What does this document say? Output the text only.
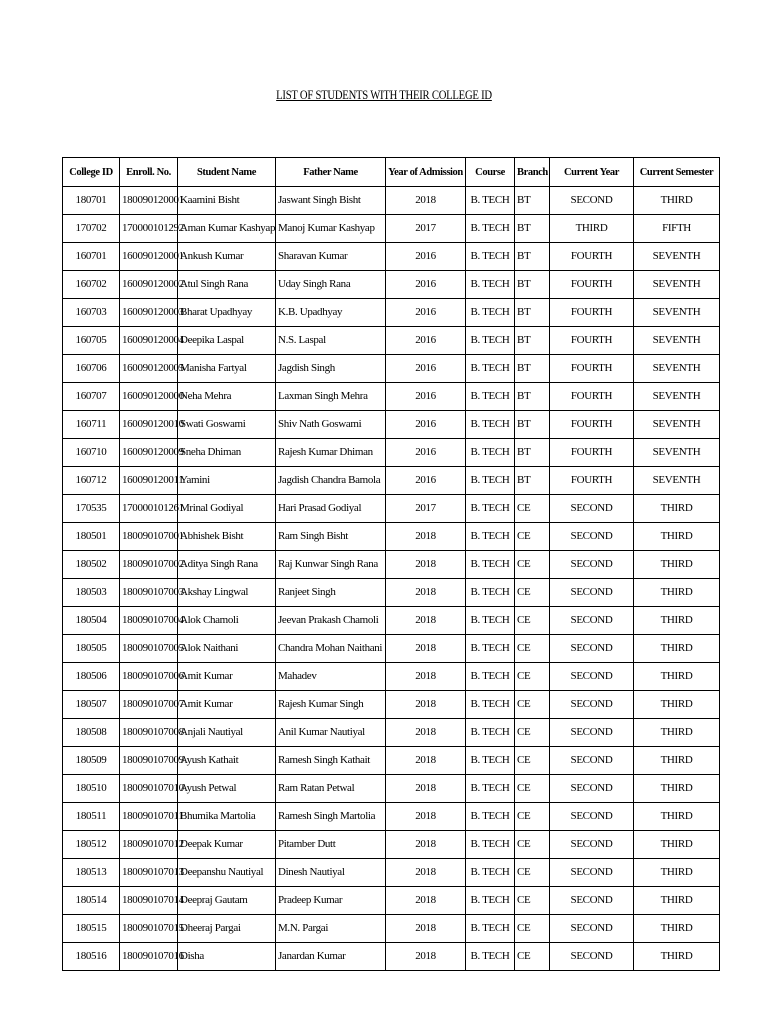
LIST OF STUDENTS WITH THEIR COLLEGE ID
College ID	Enroll. No.	Student Name	Father Name	Year of Admission	Course	Branch	Current Year	Current Semester
180701	180090120001	Kaamini Bisht	Jaswant Singh Bisht	2018	B. TECH	BT	SECOND	THIRD
170702	170000101292	Aman Kumar Kashyap	Manoj Kumar Kashyap	2017	B. TECH	BT	THIRD	FIFTH
160701	160090120001	Ankush Kumar	Sharavan Kumar	2016	B. TECH	BT	FOURTH	SEVENTH
160702	160090120002	Atul Singh Rana	Uday Singh Rana	2016	B. TECH	BT	FOURTH	SEVENTH
160703	160090120003	Bharat Upadhyay	K.B. Upadhyay	2016	B. TECH	BT	FOURTH	SEVENTH
160705	160090120004	Deepika Laspal	N.S. Laspal	2016	B. TECH	BT	FOURTH	SEVENTH
160706	160090120005	Manisha Fartyal	Jagdish Singh	2016	B. TECH	BT	FOURTH	SEVENTH
160707	160090120006	Neha Mehra	Laxman Singh Mehra	2016	B. TECH	BT	FOURTH	SEVENTH
160711	160090120010	Swati Goswami	Shiv Nath Goswami	2016	B. TECH	BT	FOURTH	SEVENTH
160710	160090120009	Sneha Dhiman	Rajesh Kumar Dhiman	2016	B. TECH	BT	FOURTH	SEVENTH
160712	160090120011	Yamini	Jagdish Chandra Bamola	2016	B. TECH	BT	FOURTH	SEVENTH
170535	170000101261	Mrinal Godiyal	Hari Prasad Godiyal	2017	B. TECH	CE	SECOND	THIRD
180501	180090107001	Abhishek Bisht	Ram Singh Bisht	2018	B. TECH	CE	SECOND	THIRD
180502	180090107002	Aditya Singh Rana	Raj Kunwar Singh Rana	2018	B. TECH	CE	SECOND	THIRD
180503	180090107003	Akshay Lingwal	Ranjeet Singh	2018	B. TECH	CE	SECOND	THIRD
180504	180090107004	Alok Chamoli	Jeevan Prakash Chamoli	2018	B. TECH	CE	SECOND	THIRD
180505	180090107005	Alok Naithani	Chandra Mohan Naithani	2018	B. TECH	CE	SECOND	THIRD
180506	180090107006	Amit Kumar	Mahadev	2018	B. TECH	CE	SECOND	THIRD
180507	180090107007	Amit Kumar	Rajesh Kumar Singh	2018	B. TECH	CE	SECOND	THIRD
180508	180090107008	Anjali Nautiyal	Anil Kumar Nautiyal	2018	B. TECH	CE	SECOND	THIRD
180509	180090107009	Ayush Kathait	Ramesh Singh Kathait	2018	B. TECH	CE	SECOND	THIRD
180510	180090107010	Ayush Petwal	Ram Ratan Petwal	2018	B. TECH	CE	SECOND	THIRD
180511	180090107011	Bhumika Martolia	Ramesh Singh Martolia	2018	B. TECH	CE	SECOND	THIRD
180512	180090107012	Deepak Kumar	Pitamber Dutt	2018	B. TECH	CE	SECOND	THIRD
180513	180090107013	Deepanshu Nautiyal	Dinesh Nautiyal	2018	B. TECH	CE	SECOND	THIRD
180514	180090107014	Deepraj Gautam	Pradeep Kumar	2018	B. TECH	CE	SECOND	THIRD
180515	180090107015	Dheeraj Pargai	M.N. Pargai	2018	B. TECH	CE	SECOND	THIRD
180516	180090107016	Disha	Janardan Kumar	2018	B. TECH	CE	SECOND	THIRD
